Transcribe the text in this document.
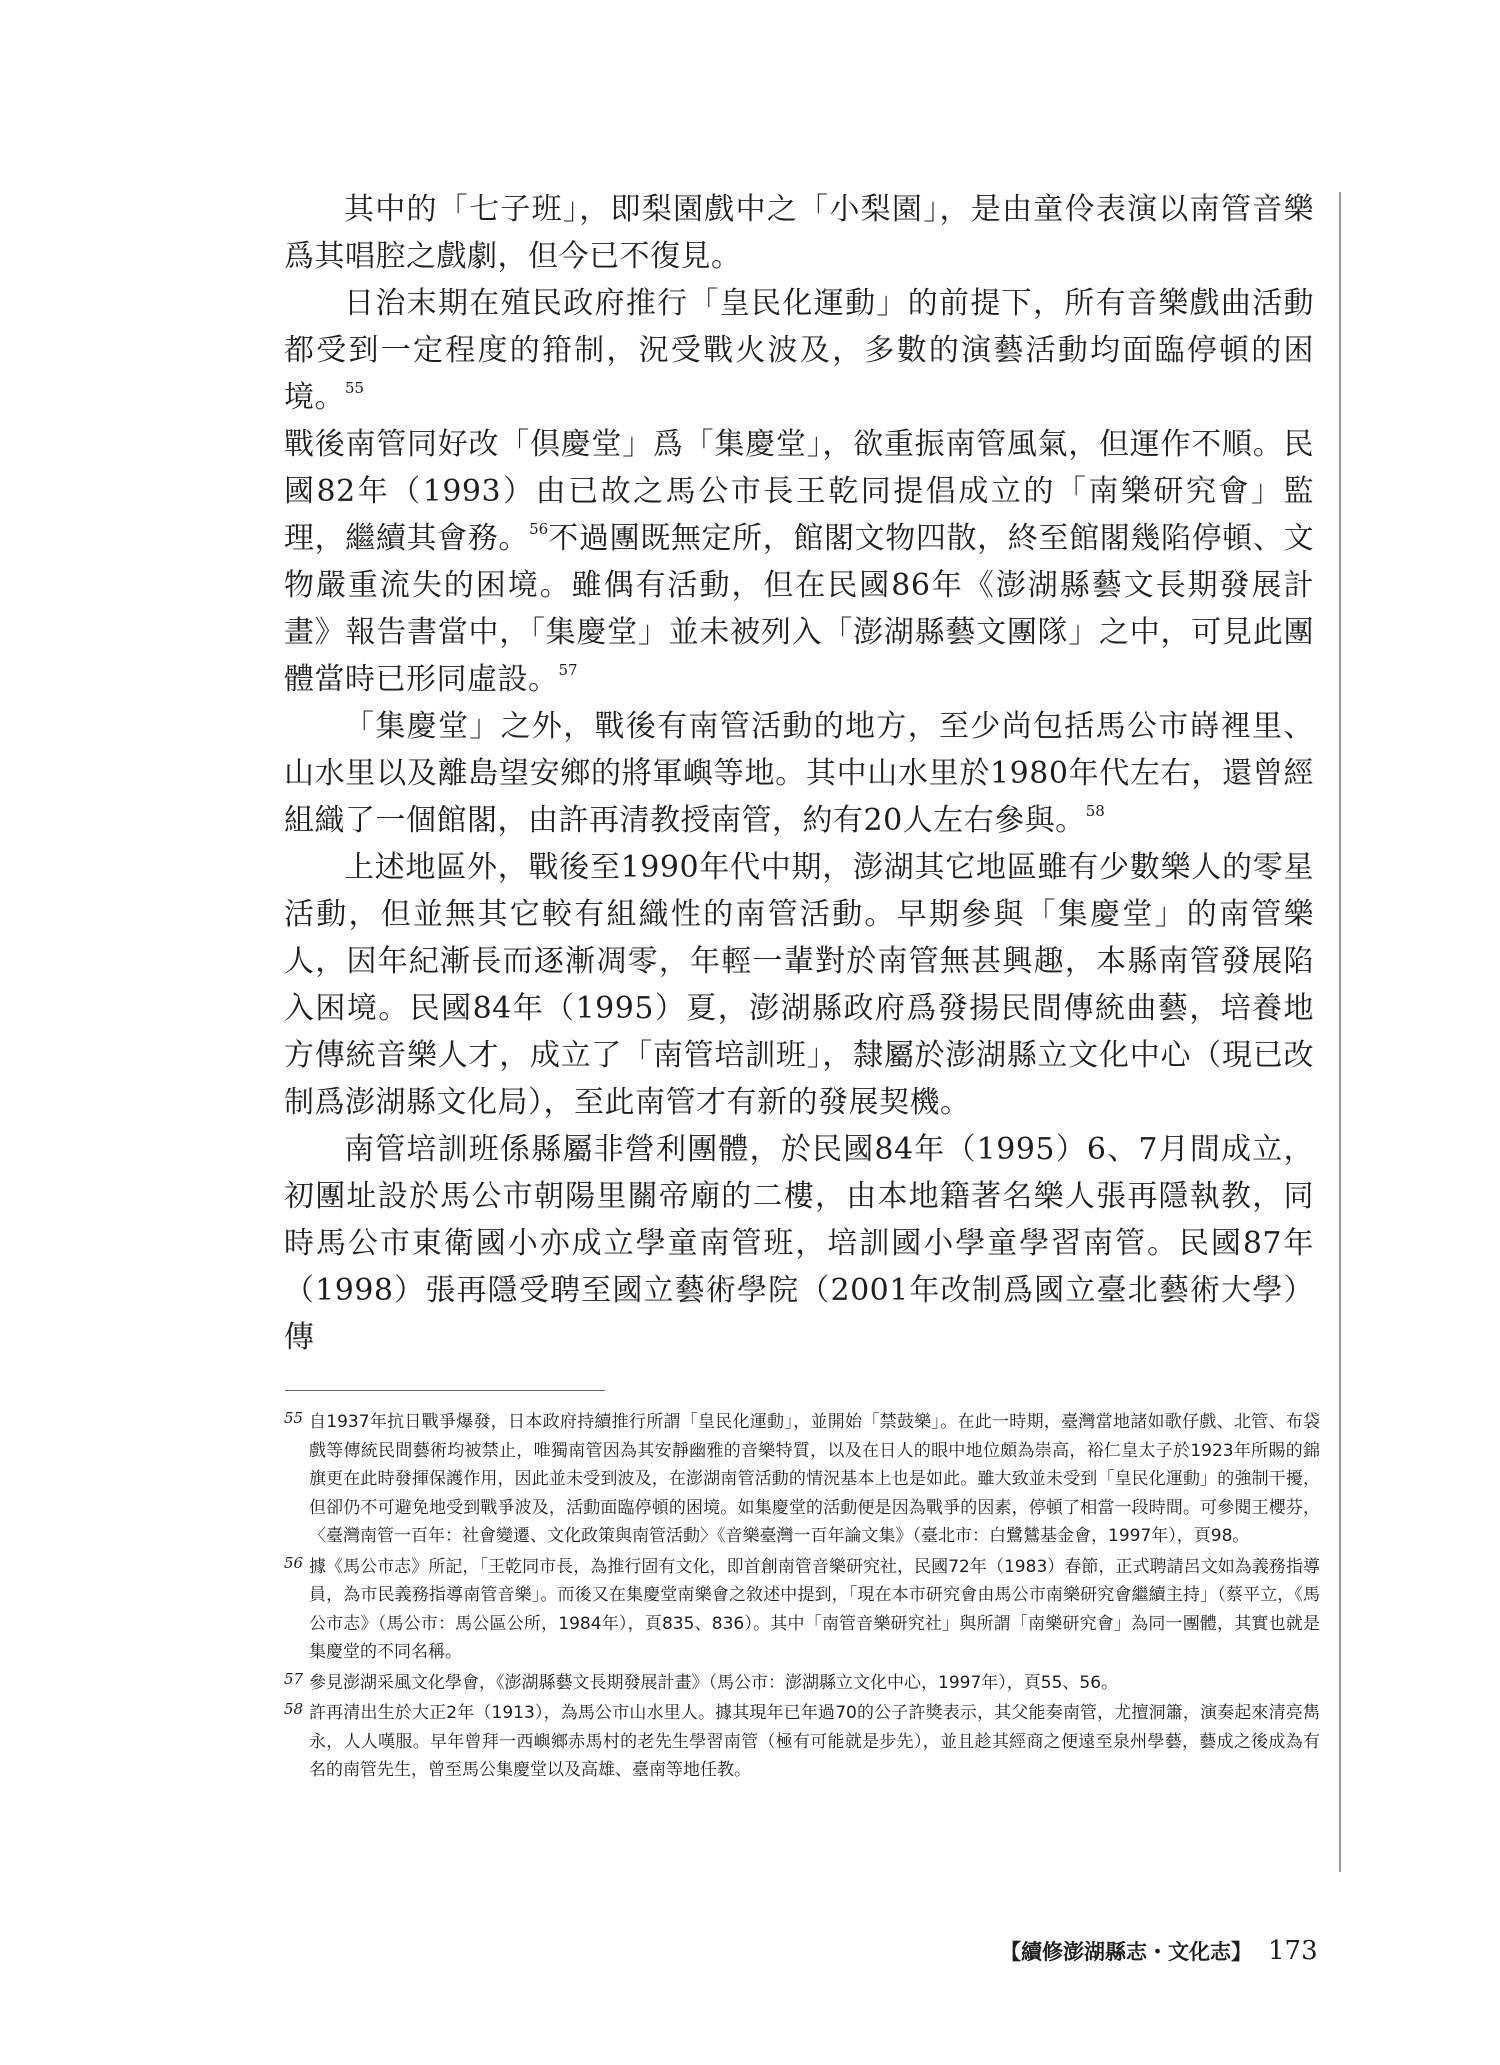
其中的「七子班」，即梨園戲中之「小梨園」，是由童伶表演以南管音樂爲其唱腔之戲劇，但今已不復見。

日治末期在殖民政府推行「皇民化運動」的前提下，所有音樂戲曲活動都受到一定程度的箝制，況受戰火波及，多數的演藝活動均面臨停頓的困境。$^{55}$

戰後南管同好改「倶慶堂」爲「集慶堂」，欲重振南管風氣，但運作不順。民國82年（1993）由已故之馬公市長王乾同提倡成立的「南樂研究會」監理，繼續其會務。$^{56}$不過團既無定所，館閣文物四散，終至館閣幾陷停頓、文物嚴重流失的困境。雖偶有活動，但在民國86年《澎湖縣藝文長期發展計畫》報告書當中，「集慶堂」並未被列入「澎湖縣藝文團隊」之中，可見此團體當時已形同虛設。$^{57}$

「集慶堂」之外，戰後有南管活動的地方，至少尚包括馬公市嵵裡里、山水里以及離島望安鄉的將軍嶼等地。其中山水里於1980年代左右，還曾經組織了一個館閣，由許再清教授南管，約有20人左右參與。$^{58}$

上述地區外，戰後至1990年代中期，澎湖其它地區雖有少數樂人的零星活動，但並無其它較有組織性的南管活動。早期參與「集慶堂」的南管樂人，因年紀漸長而逐漸凋零，年輕一輩對於南管無甚興趣，本縣南管發展陷入困境。民國84年（1995）夏，澎湖縣政府爲發揚民間傳統曲藝，培養地方傳統音樂人才，成立了「南管培訓班」，隸屬於澎湖縣立文化中心（現已改制爲澎湖縣文化局），至此南管才有新的發展契機。

南管培訓班係縣屬非營利團體，於民國84年（1995）6、7月間成立，初團址設於馬公市朝陽里關帝廟的二樓，由本地籍著名樂人張再隱執教，同時馬公市東衛國小亦成立學童南管班，培訓國小學童學習南管。民國87年（1998）張再隱受聘至國立藝術學院（2001年改制爲國立臺北藝術大學）傳

55 自1937年抗日戰爭爆發，日本政府持續推行所謂「皇民化運動」，並開始「禁鼓樂」。在此一時期，臺灣當地諸如歌仔戲、北管、布袋戲等傳統民間藝術均被禁止，唯獨南管因為其安靜幽雅的音樂特質，以及在日人的眼中地位頗為崇高，裕仁皇太子於1923年所賜的錦旗更在此時發揮保護作用，因此並未受到波及，在澎湖南管活動的情況基本上也是如此。雖大致並未受到「皇民化運動」的強制干擾，但卻仍不可避免地受到戰爭波及，活動面臨停頓的困境。如集慶堂的活動便是因為戰爭的因素，停頓了相當一段時間。可參閱王櫻芬，〈臺灣南管一百年：社會變遷、文化政策與南管活動〉《音樂臺灣一百年論文集》（臺北市：白鷺鷥基金會，1997年），頁98。
56 據《馬公市志》所記，「王乾同市長，為推行固有文化，即首創南管音樂研究社，民國72年（1983）春節，正式聘請呂文如為義務指導員，為市民義務指導南管音樂」。而後又在集慶堂南樂會之敘述中提到，「現在本市研究會由馬公市南樂研究會繼續主持」（蔡平立，《馬公市志》（馬公市：馬公區公所，1984年），頁835、836）。其中「南管音樂研究社」與所謂「南樂研究會」為同一團體，其實也就是集慶堂的不同名稱。
57 參見澎湖采風文化學會，《澎湖縣藝文長期發展計畫》（馬公市：澎湖縣立文化中心，1997年），頁55、56。
58 許再清出生於大正2年（1913），為馬公市山水里人。據其現年已年過70的公子許獎表示，其父能奏南管，尤擅洞簫，演奏起來清亮雋永，人人嘆服。早年曾拜一西嶼鄉赤馬村的老先生學習南管（極有可能就是步先），並且趁其經商之便遠至泉州學藝，藝成之後成為有名的南管先生，曾至馬公集慶堂以及高雄、臺南等地任教。
【續修澎湖縣志・文化志】 173
